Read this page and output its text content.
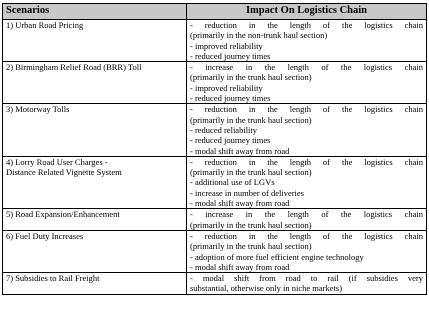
Scenarios	Impact On Logistics Chain

1) Urban Road Pricing	- reduction in the length of the logistics chain
(primarily in the non-trunk haul section)
- improved reliability
- reduced journey times

2) Birmingham Relief Road (BRR) Toll	- increase in the length of the logistics chain
(primarily in the trunk haul section)
- improved reliability
- reduced journey times

3) Motorway Tolls	- reduction in the length of the logistics chain
(primarily in the trunk haul section)
- reduced reliability
- reduced journey times
- modal shift away from road

4) Lorry Road User Charges -
Distance Related Vignette System	- reduction in the length of the logistics chain
(primarily in the trunk haul section)
- additional use of LGVs
- increase in number of deliveries
- modal shift away from road

5) Road Expansion/Enhancement	- increase in the length of the logistics chain
(primarily in the trunk haul section)

6) Fuel Duty Increases	- reduction in the length of the logistics chain
(primarily in the trunk haul section)
- adoption of more fuel efficient engine technology
- modal shift away from road

7) Subsidies to Rail Freight	- modal shift from road to rail (if subsidies very
substantial, otherwise only in niche markets)
